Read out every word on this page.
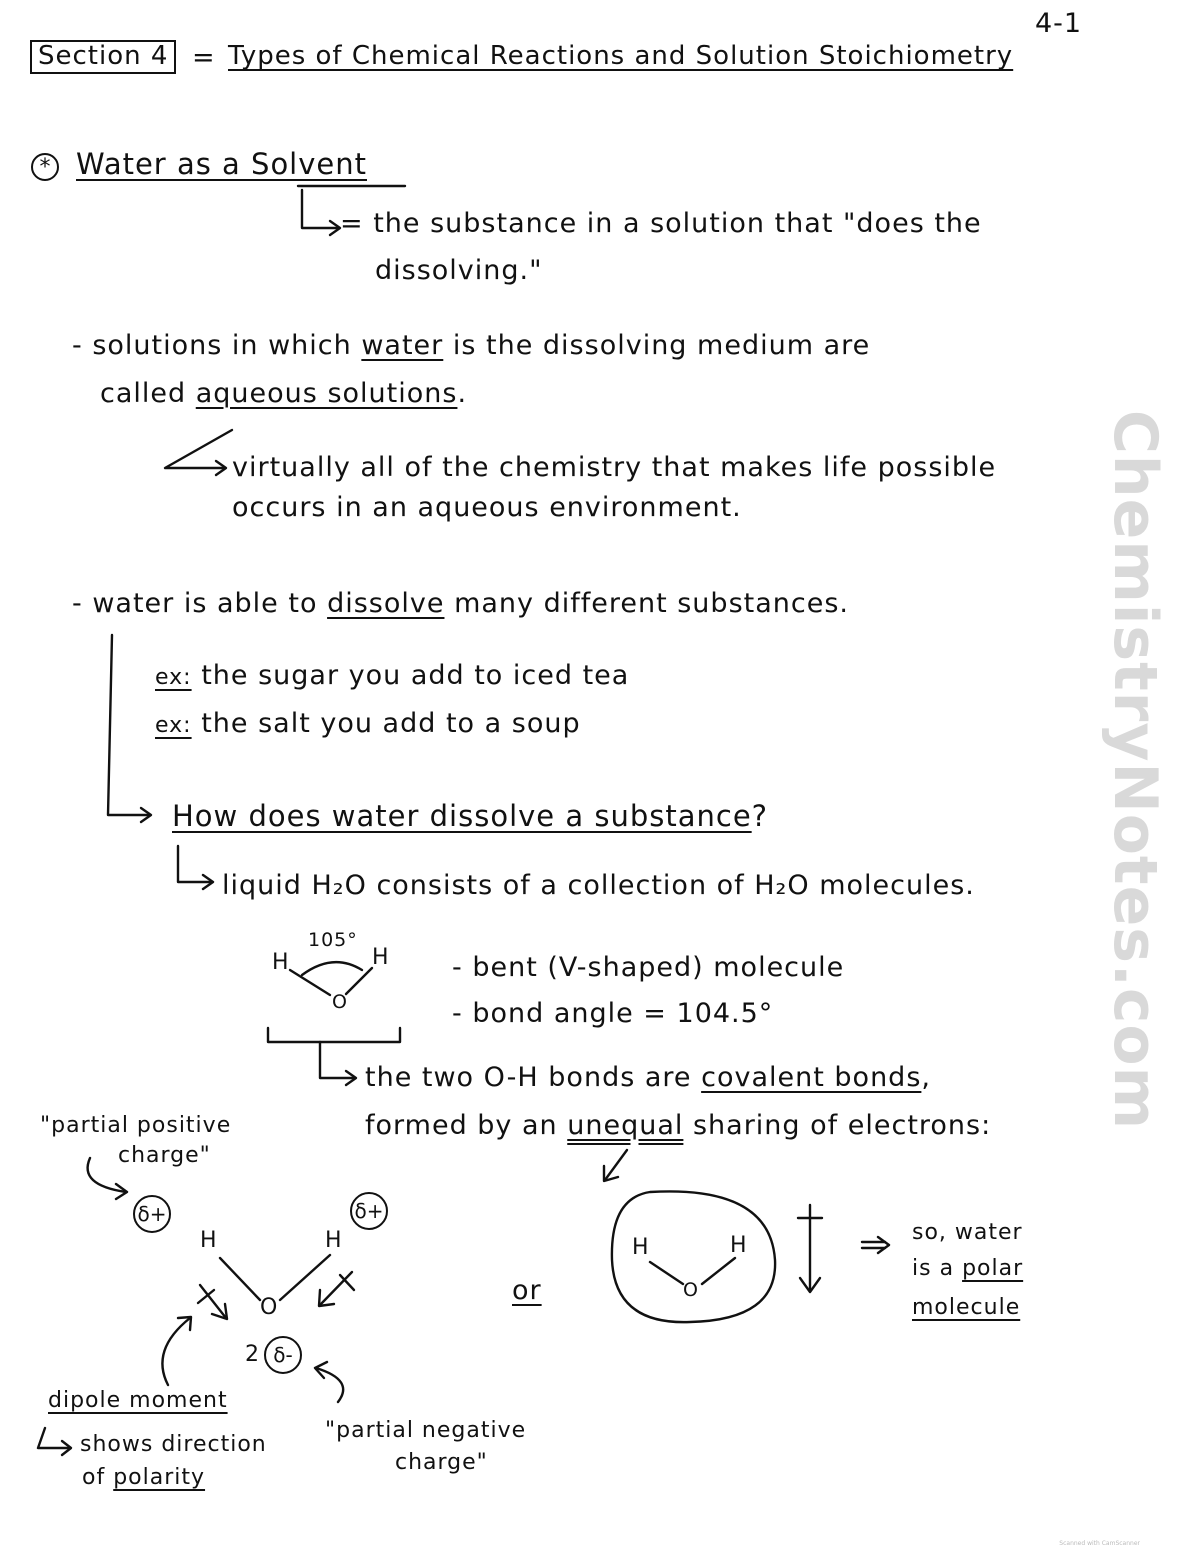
4-1
Section 4 = Types of Chemical Reactions and Solution Stoichiometry
* Water as a Solvent
= the substance in a solution that "does the
dissolving."
- solutions in which water is the dissolving medium are
called aqueous solutions.
virtually all of the chemistry that makes life possible
occurs in an aqueous environment.
- water is able to dissolve many different substances.
ex: the sugar you add to iced tea
ex: the salt you add to a soup
How does water dissolve a substance?
liquid H₂O consists of a collection of H₂O molecules.
105°
H	H
O
- bent (V-shaped) molecule
- bond angle = 104.5°
the two O-H bonds are covalent bonds,
formed by an unequal sharing of electrons:
"partial positive
charge"
δ+	δ+
H	H
O
2 δ-
dipole moment
shows direction
of polarity
"partial negative
charge"
or
H	H
O
so, water
is a polar
molecule
ChemistryNotes.com
Scanned with CamScanner
